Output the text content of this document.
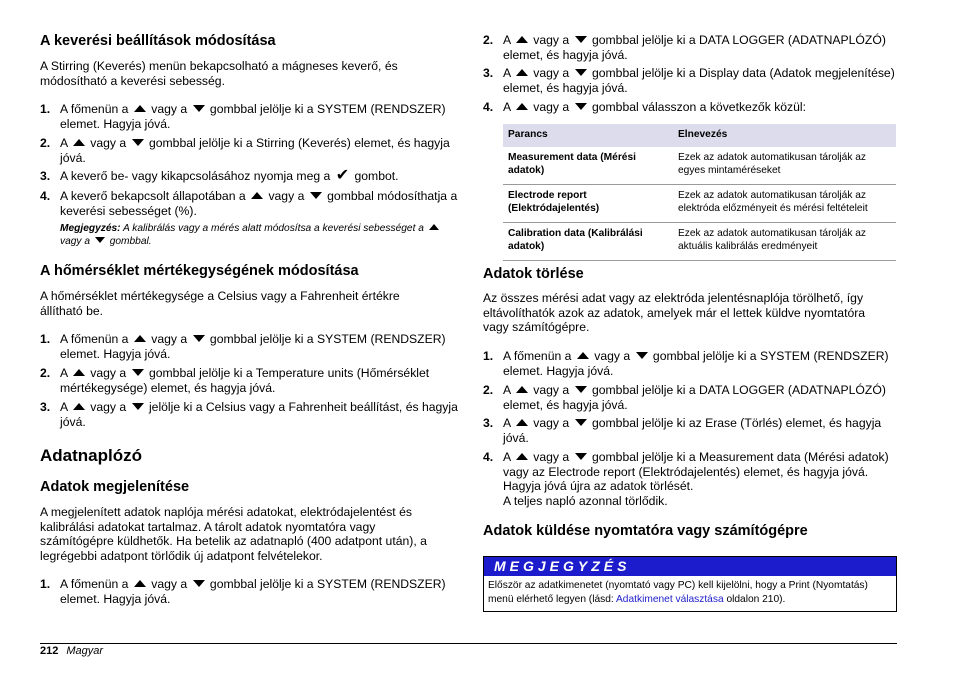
A keverési beállítások módosítása
A Stirring (Keverés) menün bekapcsolható a mágneses keverő, és módosítható a keverési sebesség.
1. A főmenün a vagy a gombbal jelölje ki a SYSTEM (RENDSZER) elemet. Hagyja jóvá.
2. A vagy a gombbal jelölje ki a Stirring (Keverés) elemet, és hagyja jóvá.
3. A keverő be- vagy kikapcsolásához nyomja meg a ✔ gombot.
4. A keverő bekapcsolt állapotában a vagy a gombbal módosíthatja a keverési sebességet (%).
Megjegyzés: A kalibrálás vagy a mérés alatt módosítsa a keverési sebességet a  vagy a gombbal.
A hőmérséklet mértékegységének módosítása
A hőmérséklet mértékegysége a Celsius vagy a Fahrenheit értékre állítható be.
1. A főmenün a vagy a gombbal jelölje ki a SYSTEM (RENDSZER) elemet. Hagyja jóvá.
2. A vagy a gombbal jelölje ki a Temperature units (Hőmérséklet mértékegysége) elemet, és hagyja jóvá.
3. A vagy a jelölje ki a Celsius vagy a Fahrenheit beállítást, és hagyja jóvá.
Adatnaplózó
Adatok megjelenítése
A megjelenített adatok naplója mérési adatokat, elektródajelentést és kalibrálási adatokat tartalmaz. A tárolt adatok nyomtatóra vagy számítógépre küldhetők. Ha betelik az adatnapló (400 adatpont után), a legrégebbi adatpont törlődik új adatpont felvételekor.
1. A főmenün a vagy a gombbal jelölje ki a SYSTEM (RENDSZER) elemet. Hagyja jóvá.
2. A vagy a gombbal jelölje ki a DATA LOGGER (ADATNAPLÓZÓ) elemet, és hagyja jóvá.
3. A vagy a gombbal jelölje ki a Display data (Adatok megjelenítése) elemet, és hagyja jóvá.
4. A vagy a gombbal válasszon a következők közül:
Parancs	Elnevezés
Measurement data (Mérési adatok)	Ezek az adatok automatikusan tárolják az egyes mintaméréseket
Electrode report (Elektródajelentés)	Ezek az adatok automatikusan tárolják az elektróda előzményeit és mérési feltételeit
Calibration data (Kalibrálási adatok)	Ezek az adatok automatikusan tárolják az aktuális kalibrálás eredményeit
Adatok törlése
Az összes mérési adat vagy az elektróda jelentésnaplója törölhető, így eltávolíthatók azok az adatok, amelyek már el lettek küldve nyomtatóra vagy számítógépre.
1. A főmenün a vagy a gombbal jelölje ki a SYSTEM (RENDSZER) elemet. Hagyja jóvá.
2. A vagy a gombbal jelölje ki a DATA LOGGER (ADATNAPLÓZÓ) elemet, és hagyja jóvá.
3. A vagy a gombbal jelölje ki az Erase (Törlés) elemet, és hagyja jóvá.
4. A vagy a gombbal jelölje ki a Measurement data (Mérési adatok) vagy az Electrode report (Elektródajelentés) elemet, és hagyja jóvá. Hagyja jóvá újra az adatok törlését.
A teljes napló azonnal törlődik.
Adatok küldése nyomtatóra vagy számítógépre
MEGJEGYZÉS
Először az adatkimenetet (nyomtató vagy PC) kell kijelölni, hogy a Print (Nyomtatás) menü elérhető legyen (lásd: Adatkimenet választása oldalon 210).
212 Magyar
